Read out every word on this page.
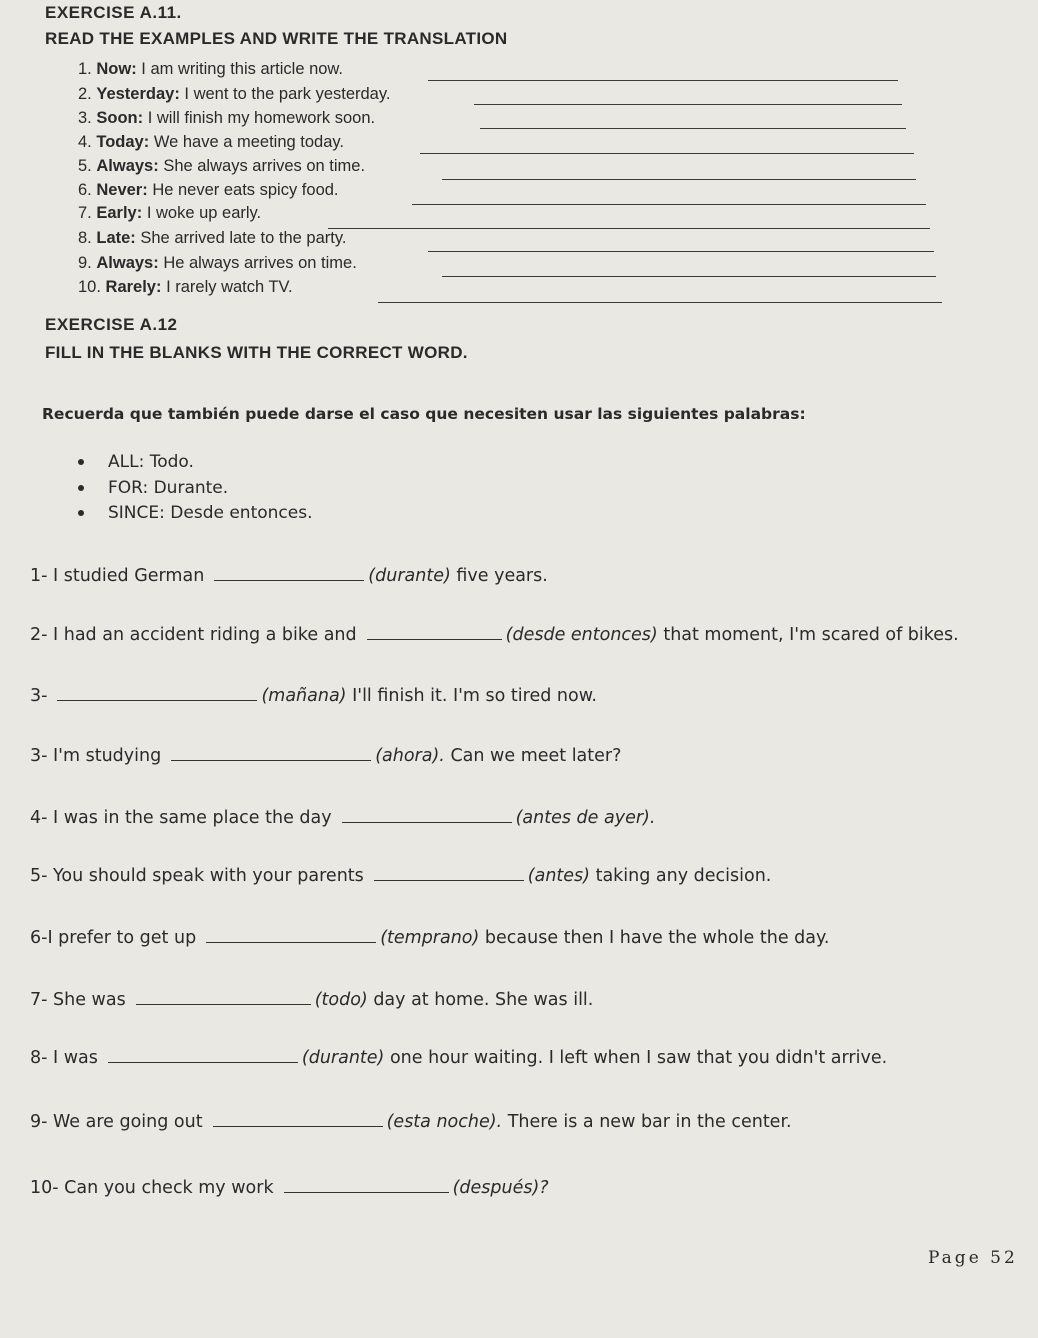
EXERCISE A.11.
READ THE EXAMPLES AND WRITE THE TRANSLATION
1. Now: I am writing this article now.
2. Yesterday: I went to the park yesterday.
3. Soon: I will finish my homework soon.
4. Today: We have a meeting today.
5. Always: She always arrives on time.
6. Never: He never eats spicy food.
7. Early: I woke up early.
8. Late: She arrived late to the party.
9. Always: He always arrives on time.
10. Rarely: I rarely watch TV.
EXERCISE A.12
FILL IN THE BLANKS WITH THE CORRECT WORD.
Recuerda que también puede darse el caso que necesiten usar las siguientes palabras:
ALL: Todo.
FOR: Durante.
SINCE: Desde entonces.
1- I studied German	(durante)
five years.
2- I had an accident riding a bike and	(desde entonces)
that moment, I'm scared of bikes.
3-	(mañana)
I'll finish it. I'm so tired now.
3- I'm studying	(ahora).
Can we meet later?
4- I was in the same place the day	(antes de ayer).
5- You should speak with your parents	(antes)
taking any decision.
6-I prefer to get up	(temprano)
because then I have the whole the day.
7- She was	(todo)
day at home. She was ill.
8- I was	(durante)
one hour waiting. I left when I saw that you didn't arrive.
9- We are going out	(esta noche).
There is a new bar in the center.
10- Can you check my work	(después)?
Page 52
